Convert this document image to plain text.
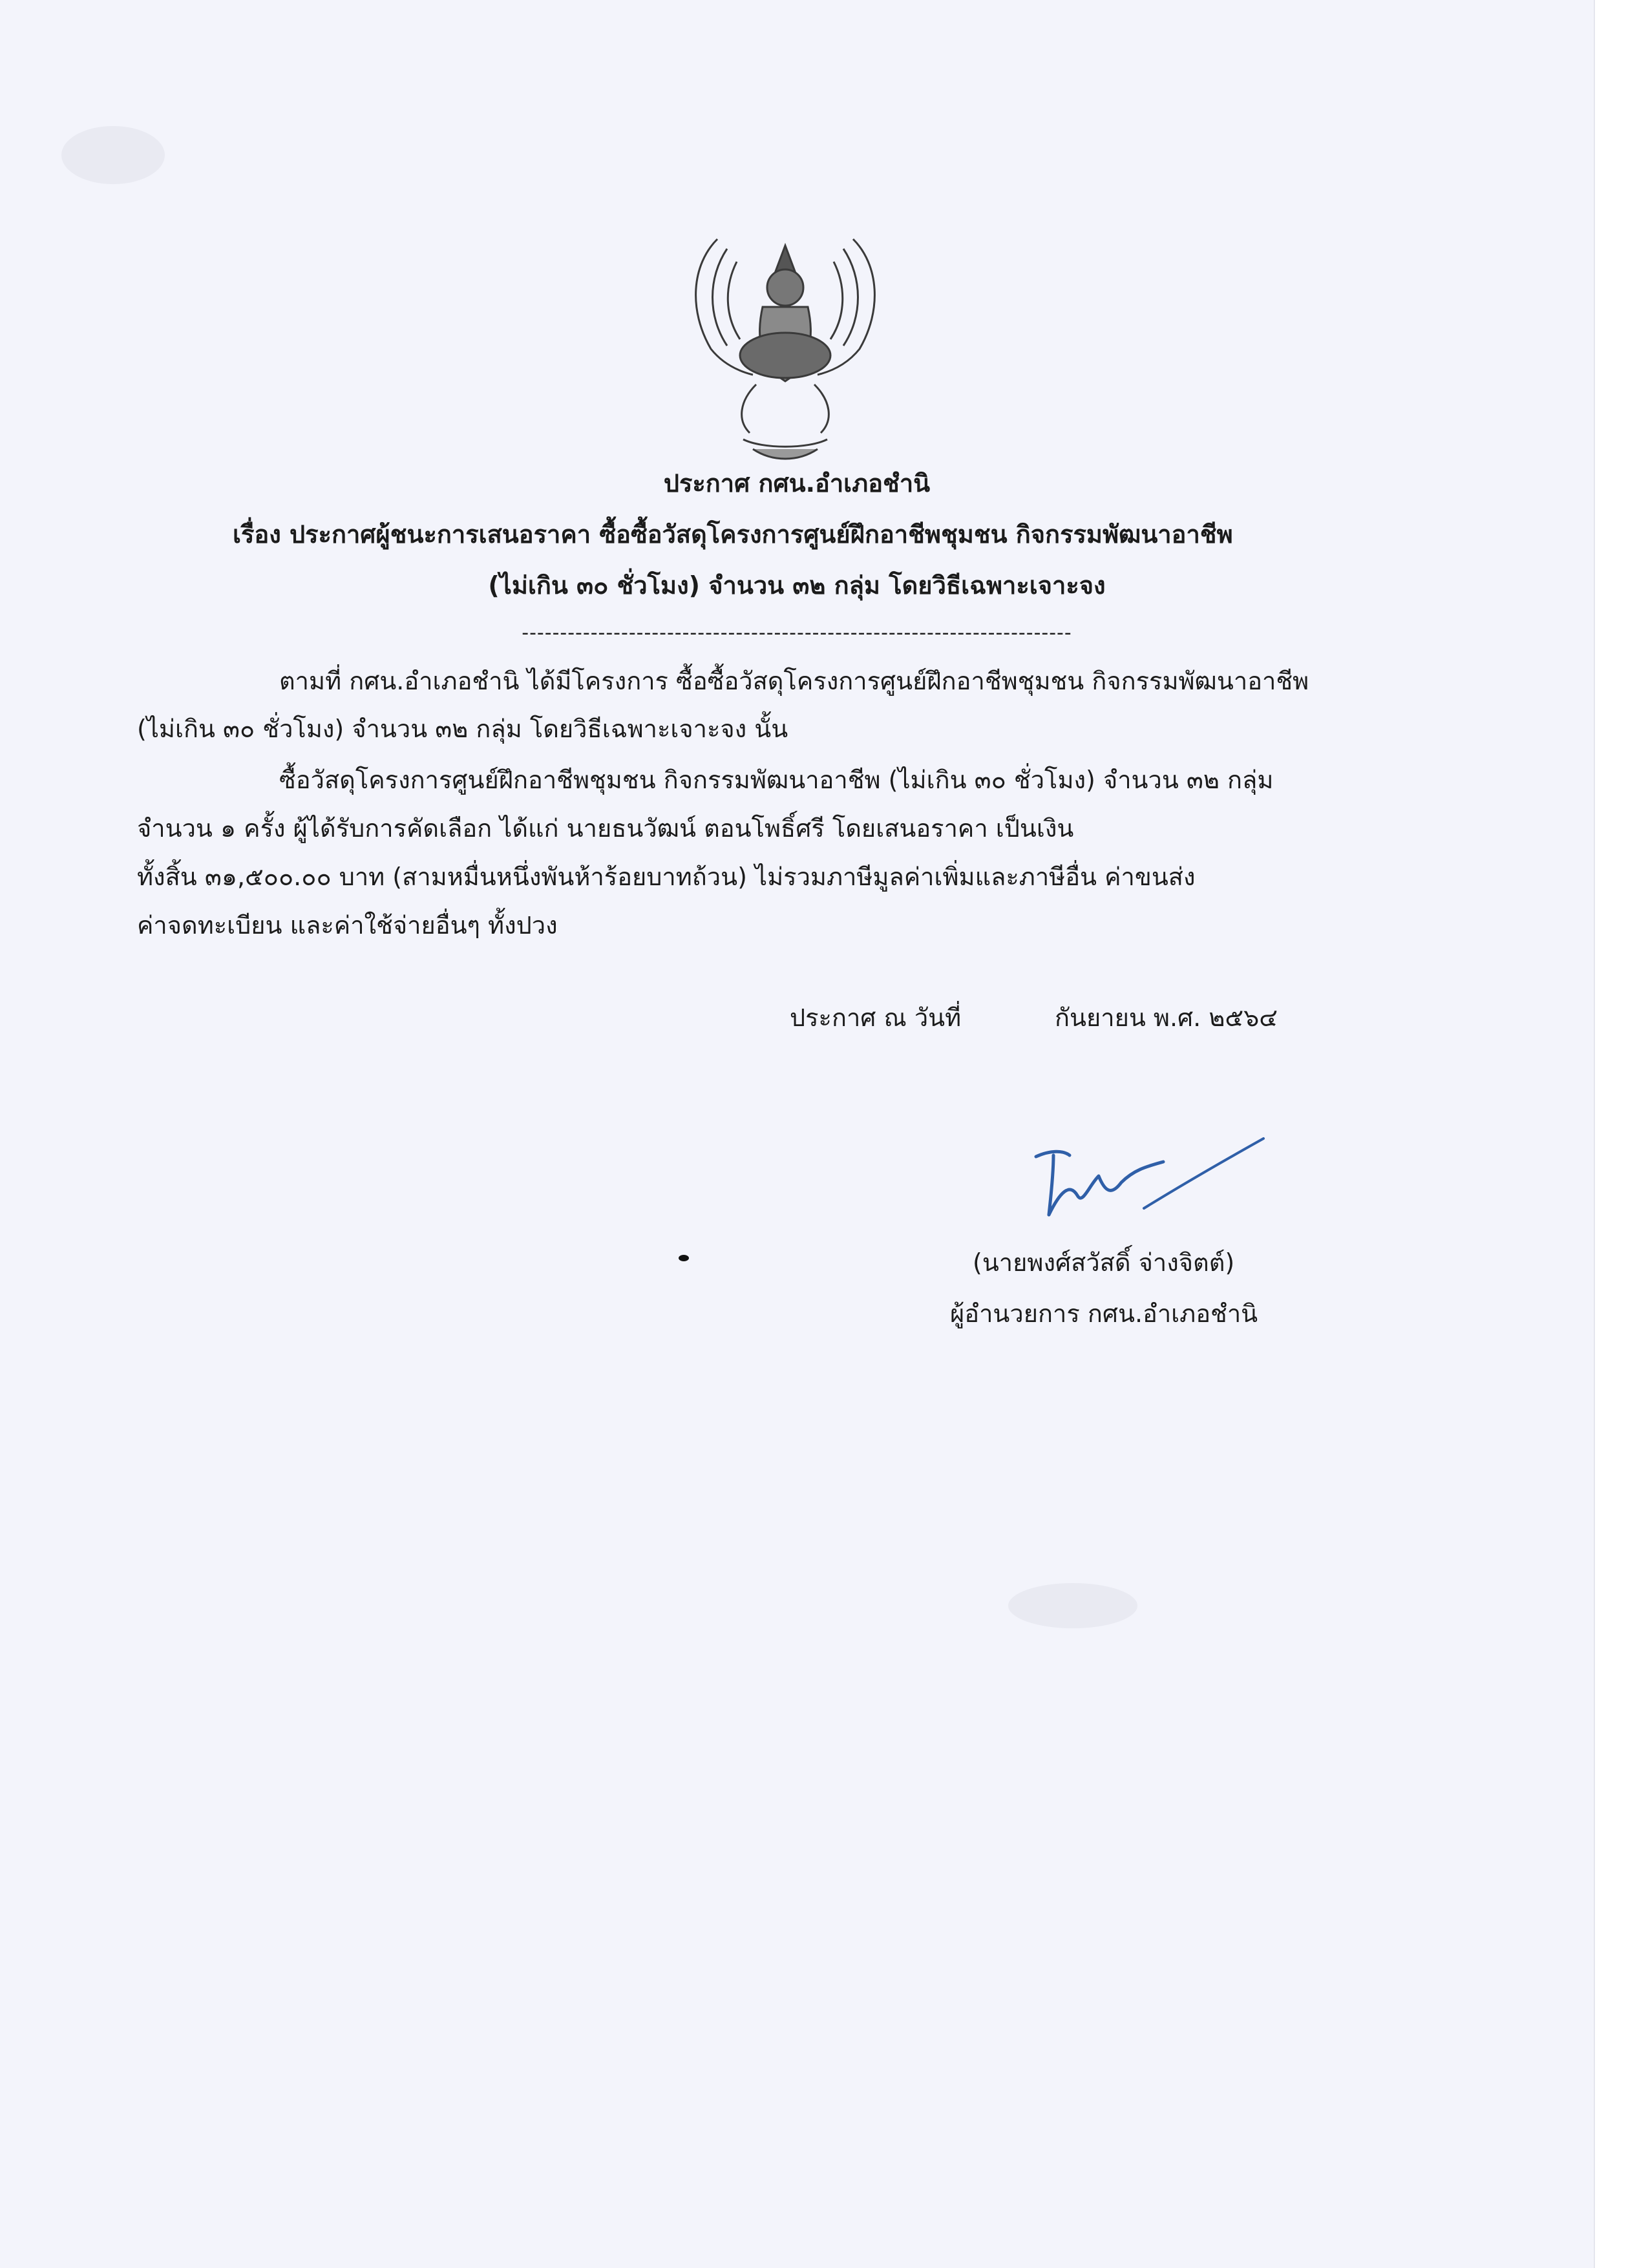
ประกาศ กศน.อำเภอชำนิ
เรื่อง ประกาศผู้ชนะการเสนอราคา ซื้อซื้อวัสดุโครงการศูนย์ฝึกอาชีพชุมชน กิจกรรมพัฒนาอาชีพ
(ไม่เกิน ๓๐ ชั่วโมง) จำนวน ๓๒ กลุ่ม โดยวิธีเฉพาะเจาะจง
------------------------------------------------------------------------
ตามที่ กศน.อำเภอชำนิ ได้มีโครงการ ซื้อซื้อวัสดุโครงการศูนย์ฝึกอาชีพชุมชน กิจกรรมพัฒนาอาชีพ
(ไม่เกิน ๓๐ ชั่วโมง) จำนวน ๓๒ กลุ่ม โดยวิธีเฉพาะเจาะจง นั้น
ซื้อวัสดุโครงการศูนย์ฝึกอาชีพชุมชน กิจกรรมพัฒนาอาชีพ (ไม่เกิน ๓๐ ชั่วโมง) จำนวน ๓๒ กลุ่ม
จำนวน ๑ ครั้ง ผู้ได้รับการคัดเลือก ได้แก่ นายธนวัฒน์ ตอนโพธิ์ศรี โดยเสนอราคา เป็นเงิน
ทั้งสิ้น ๓๑,๕๐๐.๐๐ บาท (สามหมื่นหนึ่งพันห้าร้อยบาทถ้วน) ไม่รวมภาษีมูลค่าเพิ่มและภาษีอื่น ค่าขนส่ง
ค่าจดทะเบียน และค่าใช้จ่ายอื่นๆ ทั้งปวง
ประกาศ ณ วันที่	กันยายน พ.ศ. ๒๕๖๔
(นายพงศ์สวัสดิ์ จ่างจิตต์)
ผู้อำนวยการ กศน.อำเภอชำนิ
